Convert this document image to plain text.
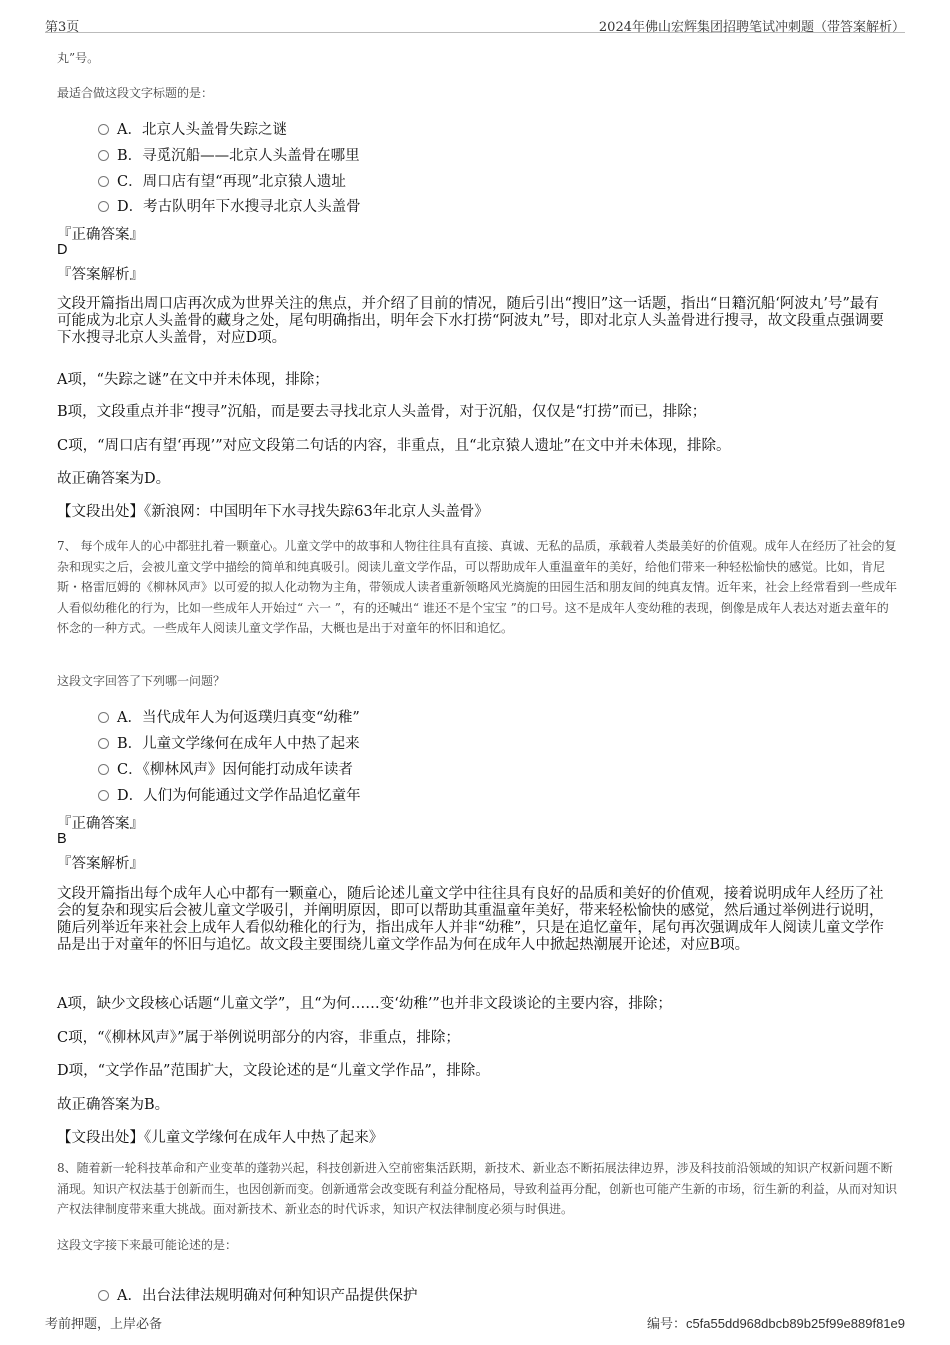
第3页	2024年佛山宏辉集团招聘笔试冲刺题（带答案解析）
丸”号。
最适合做这段文字标题的是：
A．北京人头盖骨失踪之谜
B．寻觅沉船——北京人头盖骨在哪里
C．周口店有望“再现”北京猿人遗址
D．考古队明年下水搜寻北京人头盖骨
『正确答案』
D
『答案解析』
文段开篇指出周口店再次成为世界关注的焦点，并介绍了目前的情况，随后引出“搜旧”这一话题，指出“日籍沉船‘阿波丸’号”最有可能成为北京人头盖骨的藏身之处，尾句明确指出，明年会下水打捞“阿波丸”号，即对北京人头盖骨进行搜寻，故文段重点强调要下水搜寻北京人头盖骨，对应D项。
A项，“失踪之谜”在文中并未体现，排除；
B项，文段重点并非“搜寻”沉船，而是要去寻找北京人头盖骨，对于沉船，仅仅是“打捞”而已，排除；
C项，“周口店有望‘再现’”对应文段第二句话的内容，非重点，且“北京猿人遗址”在文中并未体现，排除。
故正确答案为D。
【文段出处】《新浪网：中国明年下水寻找失踪63年北京人头盖骨》
7、 每个成年人的心中都驻扎着一颗童心。儿童文学中的故事和人物往往具有直接、真诚、无私的品质，承载着人类最美好的价值观。成年人在经历了社会的复杂和现实之后，会被儿童文学中描绘的简单和纯真吸引。阅读儿童文学作品，可以帮助成年人重温童年的美好，给他们带来一种轻松愉快的感觉。比如，肯尼斯・格雷厄姆的《柳林风声》以可爱的拟人化动物为主角，带领成人读者重新领略风光旖旎的田园生活和朋友间的纯真友情。近年来，社会上经常看到一些成年人看似幼稚化的行为，比如一些成年人开始过“ 六一 ”，有的还喊出“ 谁还不是个宝宝 ”的口号。这不是成年人变幼稚的表现，倒像是成年人表达对逝去童年的怀念的一种方式。一些成年人阅读儿童文学作品，大概也是出于对童年的怀旧和追忆。
这段文字回答了下列哪一问题？
A．当代成年人为何返璞归真变“幼稚”
B．儿童文学缘何在成年人中热了起来
C．《柳林风声》因何能打动成年读者
D．人们为何能通过文学作品追忆童年
『正确答案』
B
『答案解析』
文段开篇指出每个成年人心中都有一颗童心，随后论述儿童文学中往往具有良好的品质和美好的价值观，接着说明成年人经历了社会的复杂和现实后会被儿童文学吸引，并阐明原因，即可以帮助其重温童年美好，带来轻松愉快的感觉，然后通过举例进行说明，随后列举近年来社会上成年人看似幼稚化的行为，指出成年人并非“幼稚”，只是在追忆童年，尾句再次强调成年人阅读儿童文学作品是出于对童年的怀旧与追忆。故文段主要围绕儿童文学作品为何在成年人中掀起热潮展开论述，对应B项。
A项，缺少文段核心话题“儿童文学”，且“为何……变‘幼稚’”也并非文段谈论的主要内容，排除；
C项，“《柳林风声》”属于举例说明部分的内容，非重点，排除；
D项，“文学作品”范围扩大，文段论述的是“儿童文学作品”，排除。
故正确答案为B。
【文段出处】《儿童文学缘何在成年人中热了起来》
8、随着新一轮科技革命和产业变革的蓬勃兴起，科技创新进入空前密集活跃期，新技术、新业态不断拓展法律边界，涉及科技前沿领域的知识产权新问题不断涌现。知识产权法基于创新而生，也因创新而变。创新通常会改变既有利益分配格局，导致利益再分配，创新也可能产生新的市场，衍生新的利益，从而对知识产权法律制度带来重大挑战。面对新技术、新业态的时代诉求，知识产权法律制度必须与时俱进。
这段文字接下来最可能论述的是：
A．出台法律法规明确对何种知识产品提供保护
考前押题，上岸必备	编号：c5fa55dd968dbcb89b25f99e889f81e9
